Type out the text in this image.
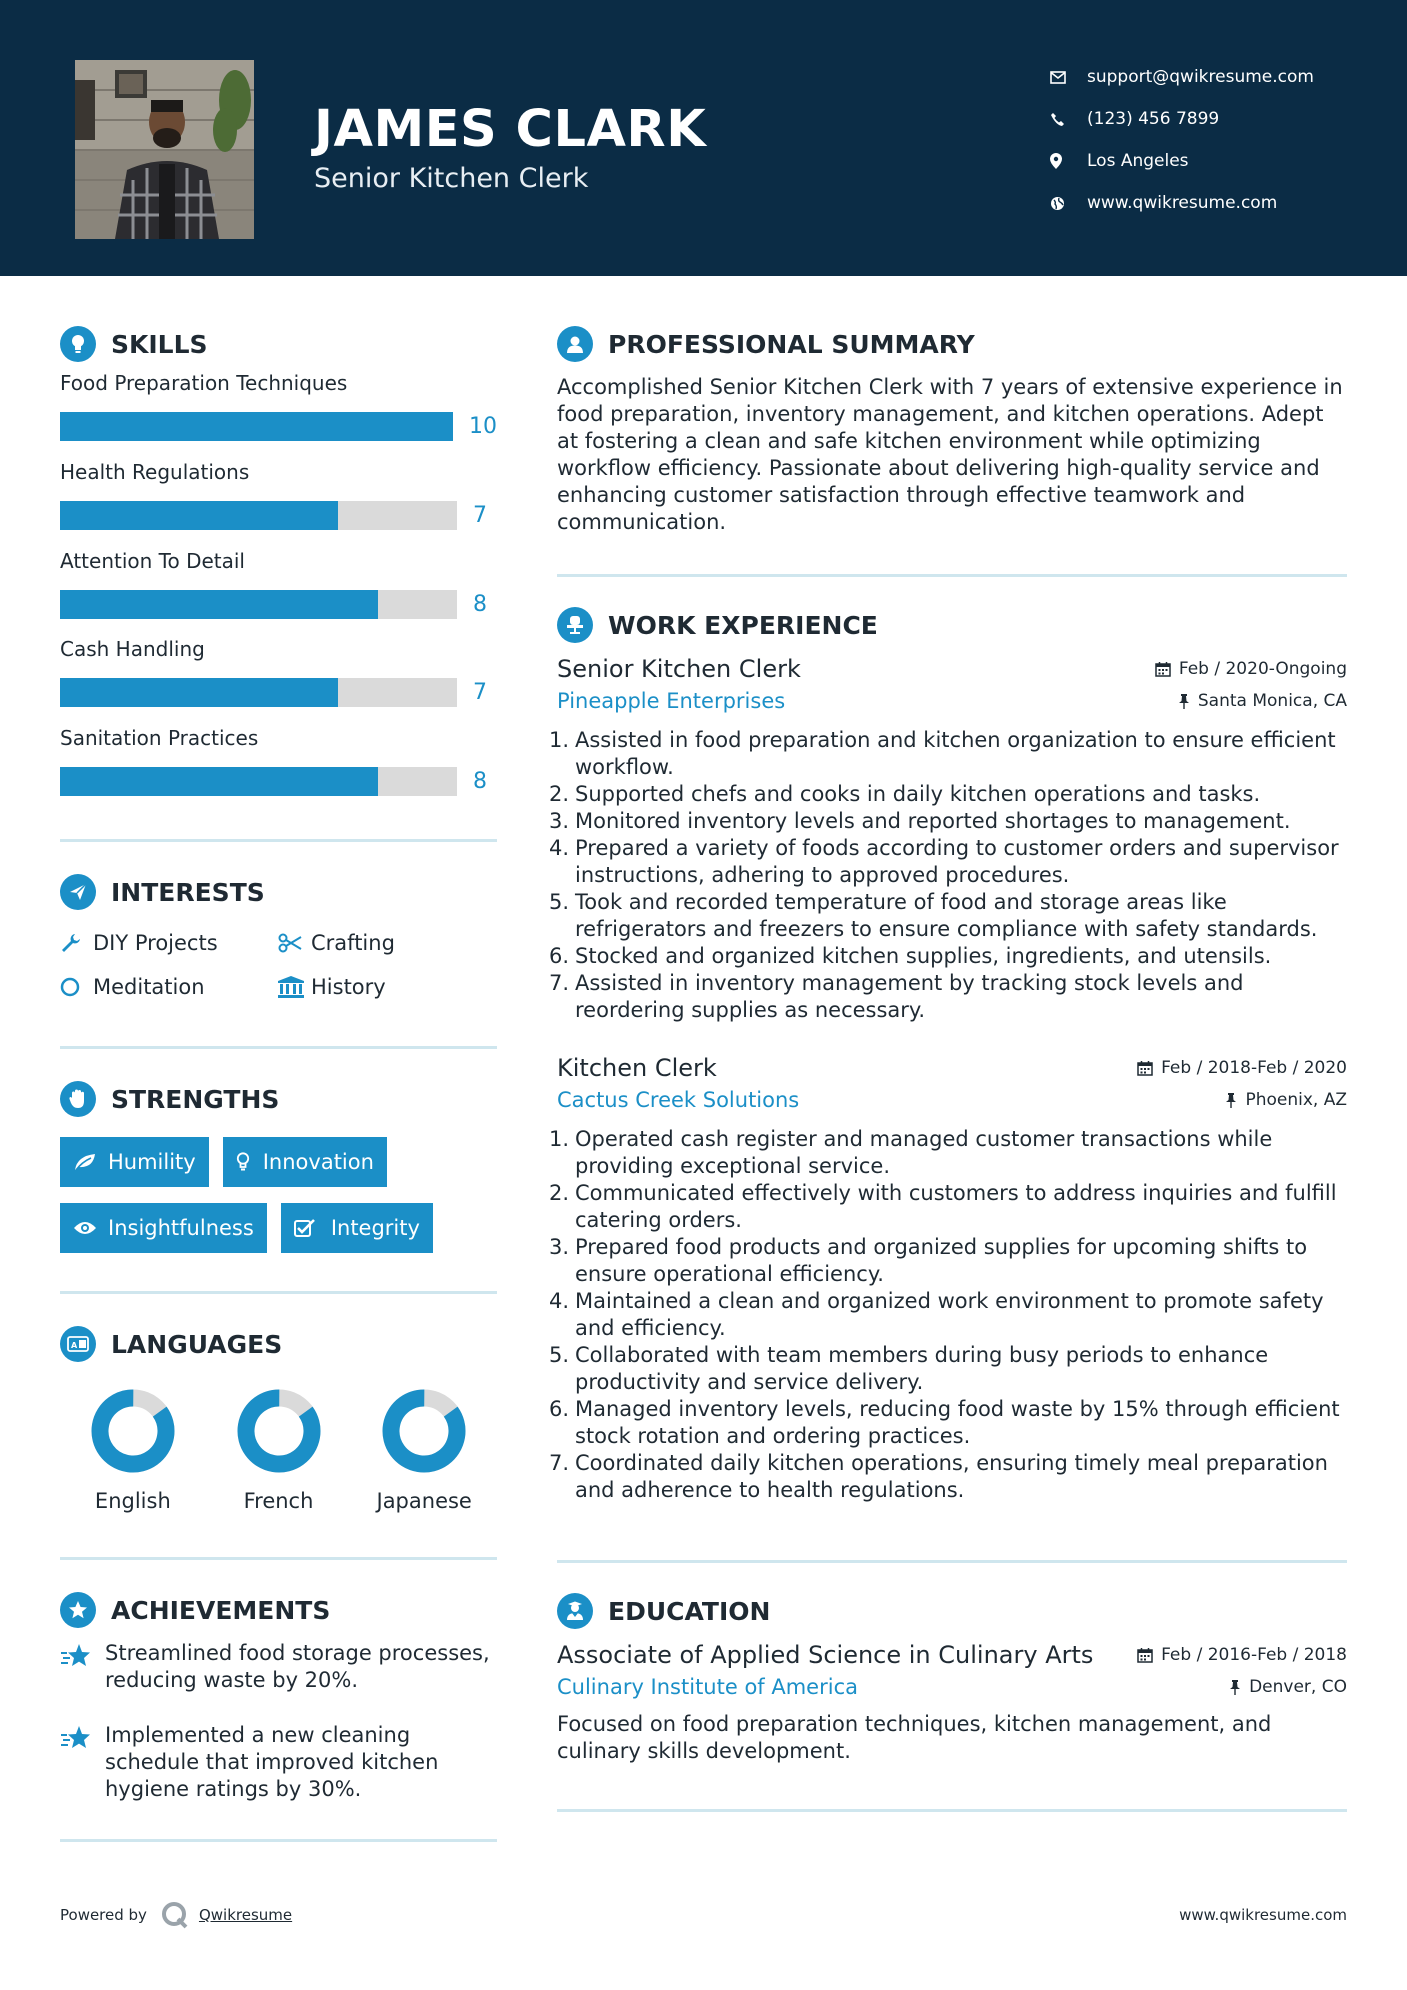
JAMES CLARK
Senior Kitchen Clerk
support@qwikresume.com
(123) 456 7899
Los Angeles
www.qwikresume.com
SKILLS
Food Preparation Techniques
10
Health Regulations
7
Attention To Detail
8
Cash Handling
7
Sanitation Practices
8
INTERESTS
DIY Projects	Crafting
Meditation	History
STRENGTHS
Humility	Innovation
Insightfulness	Integrity
A LANGUAGES
English	French	Japanese
ACHIEVEMENTS
Streamlined food storage processes, reducing waste by 20%.
Implemented a new cleaning schedule that improved kitchen hygiene ratings by 30%.
PROFESSIONAL SUMMARY

Accomplished Senior Kitchen Clerk with 7 years of extensive experience in food preparation, inventory management, and kitchen operations. Adept at fostering a clean and safe kitchen environment while optimizing workflow efficiency. Passionate about delivering high-quality service and enhancing customer satisfaction through effective teamwork and communication.

WORK EXPERIENCE
Senior Kitchen Clerk	Feb / 2020-Ongoing
Pineapple Enterprises	Santa Monica, CA
1. Assisted in food preparation and kitchen organization to ensure efficient workflow.
2. Supported chefs and cooks in daily kitchen operations and tasks.
3. Monitored inventory levels and reported shortages to management.
4. Prepared a variety of foods according to customer orders and supervisor instructions, adhering to approved procedures.
5. Took and recorded temperature of food and storage areas like refrigerators and freezers to ensure compliance with safety standards.
6. Stocked and organized kitchen supplies, ingredients, and utensils.
7. Assisted in inventory management by tracking stock levels and reordering supplies as necessary.
Kitchen Clerk	Feb / 2018-Feb / 2020
Cactus Creek Solutions	Phoenix, AZ
1. Operated cash register and managed customer transactions while providing exceptional service.
2. Communicated effectively with customers to address inquiries and fulfill catering orders.
3. Prepared food products and organized supplies for upcoming shifts to ensure operational efficiency.
4. Maintained a clean and organized work environment to promote safety and efficiency.
5. Collaborated with team members during busy periods to enhance productivity and service delivery.
6. Managed inventory levels, reducing food waste by 15% through efficient stock rotation and ordering practices.
7. Coordinated daily kitchen operations, ensuring timely meal preparation and adherence to health regulations.
EDUCATION
Associate of Applied Science in Culinary Arts	Feb / 2016-Feb / 2018
Culinary Institute of America	Denver, CO

Focused on food preparation techniques, kitchen management, and culinary skills development.

Powered by	Qwikresume	www.qwikresume.com
